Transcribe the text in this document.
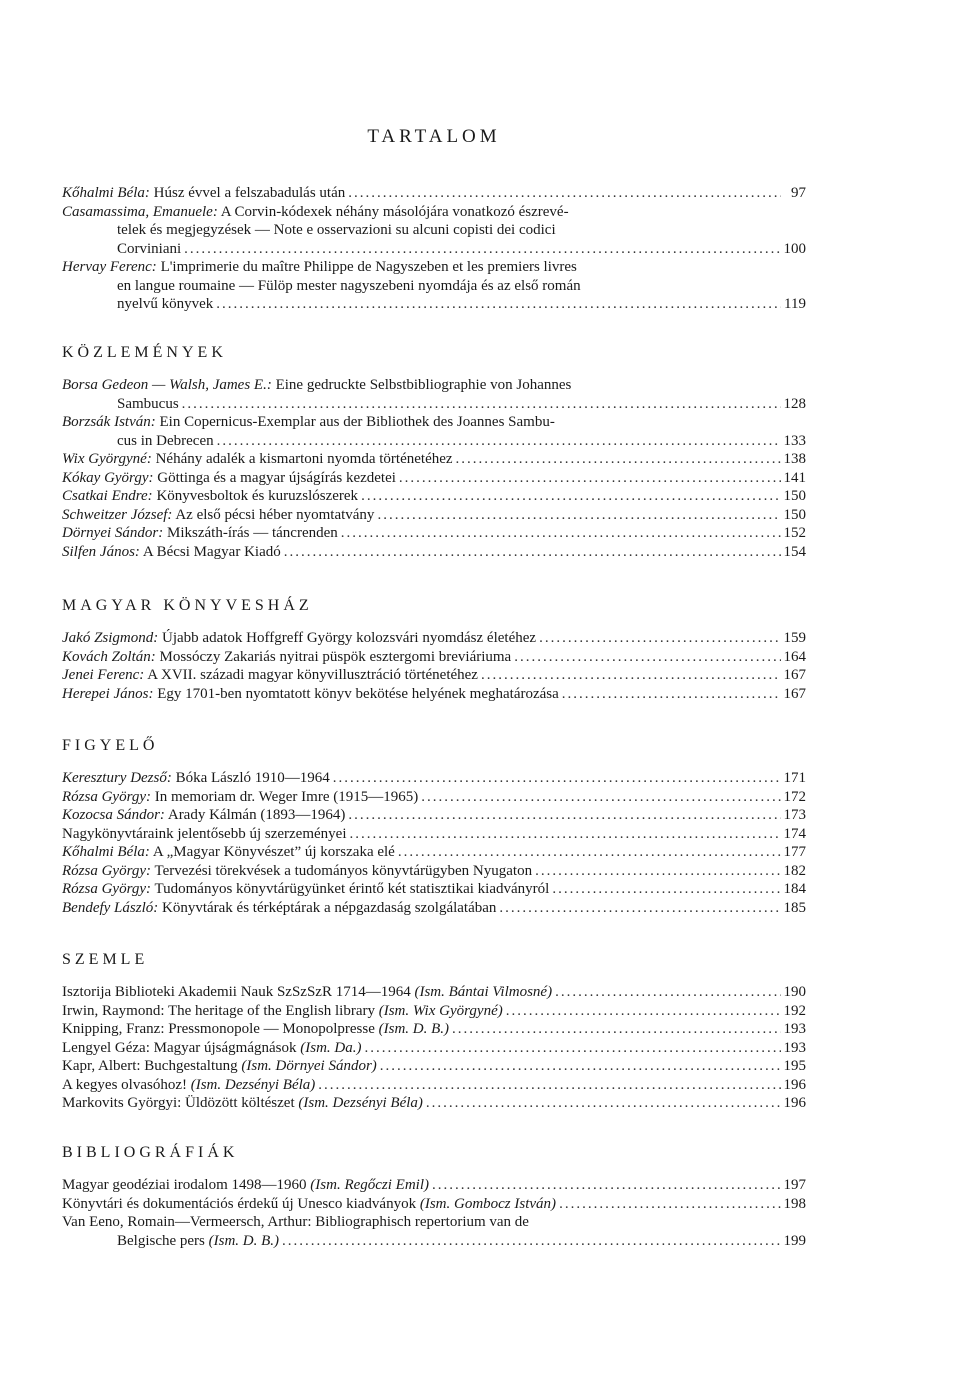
TARTALOM
Kőhalmi Béla: Húsz évvel a felszabadulás után .....	97
Casamassima, Emanuele: A Corvin-kódexek néhány másolójára vonatkozó észrevé-
telek és megjegyzések — Note e osservazioni su alcuni copisti dei codici
Corviniani .....	100
Hervay Ferenc: L'imprimerie du maître Philippe de Nagyszeben et les premiers livres
en langue roumaine — Fülöp mester nagyszebeni nyomdája és az első román
nyelvű könyvek .....	119
KÖZLEMÉNYEK
Borsa Gedeon — Walsh, James E.: Eine gedruckte Selbstbibliographie von Johannes
Sambucus .....	128
Borzsák István: Ein Copernicus-Exemplar aus der Bibliothek des Joannes Sambu-
cus in Debrecen .....	133
Wix Györgyné: Néhány adalék a kismartoni nyomda történetéhez .....	138
Kókay György: Göttinga és a magyar újságírás kezdetei .....	141
Csatkai Endre: Könyvesboltok és kuruzslószerek .....	150
Schweitzer József: Az első pécsi héber nyomtatvány .....	150
Dörnyei Sándor: Mikszáth-írás — táncrenden .....	152
Silfen János: A Bécsi Magyar Kiadó .....	154
MAGYAR KÖNYVESHÁZ
Jakó Zsigmond: Újabb adatok Hoffgreff György kolozsvári nyomdász életéhez .....	159
Kovách Zoltán: Mossóczy Zakariás nyitrai püspök esztergomi breviáriuma .....	164
Jenei Ferenc: A XVII. századi magyar könyvillusztráció történetéhez .....	167
Herepei János: Egy 1701-ben nyomtatott könyv bekötése helyének meghatározása .....	167
FIGYELŐ
Keresztury Dezső: Bóka László 1910—1964 .....	171
Rózsa György: In memoriam dr. Weger Imre (1915—1965) .....	172
Kozocsa Sándor: Arady Kálmán (1893—1964) .....	173
Nagykönyvtáraink jelentősebb új szerzeményei .....	174
Kőhalmi Béla: A „Magyar Könyvészet” új korszaka elé .....	177
Rózsa György: Tervezési törekvések a tudományos könyvtárügyben Nyugaton .....	182
Rózsa György: Tudományos könyvtárügyünket érintő két statisztikai kiadványról .....	184
Bendefy László: Könyvtárak és térképtárak a népgazdaság szolgálatában .....	185
SZEMLE
Isztorija Biblioteki Akademii Nauk SzSzSzR 1714—1964 (Ism. Bántai Vilmosné) .....	190
Irwin, Raymond: The heritage of the English library (Ism. Wix Györgyné) .....	192
Knipping, Franz: Pressmonopole — Monopolpresse (Ism. D. B.) .....	193
Lengyel Géza: Magyar újságmágnások (Ism. Da.) .....	193
Kapr, Albert: Buchgestaltung (Ism. Dörnyei Sándor) .....	195
A kegyes olvasóhoz! (Ism. Dezsényi Béla) .....	196
Markovits Györgyi: Üldözött költészet (Ism. Dezsényi Béla) .....	196
BIBLIOGRÁFIÁK
Magyar geodéziai irodalom 1498—1960 (Ism. Regőczi Emil) .....	197
Könyvtári és dokumentációs érdekű új Unesco kiadványok (Ism. Gombocz István) .....	198
Van Eeno, Romain—Vermeersch, Arthur: Bibliographisch repertorium van de
Belgische pers
(Ism. D. B.) .....	199
